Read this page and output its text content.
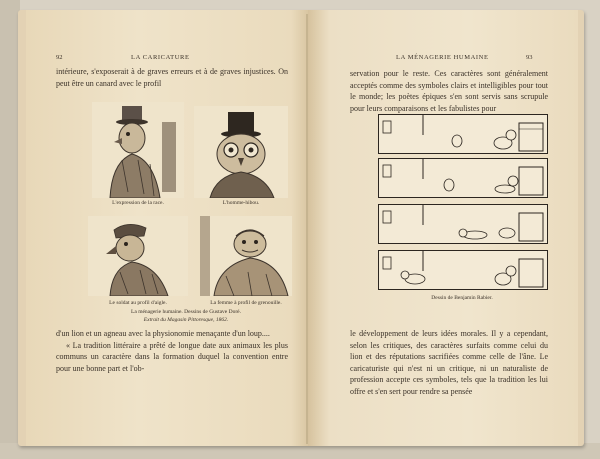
92	LA CARICATURE
intérieure, s'exposerait à de graves erreurs et à de graves injustices. On peut être un canard avec le profil
L'expression de la race.	L'homme-hibou.
Le soldat au profil d'aigle.	La femme à profil de grenouille.
La ménagerie humaine. Dessins de Gustave Doré.
Extrait du Magasin Pittoresque, 1862.

d'un lion et un agneau avec la physionomie menaçante d'un loup....

« La tradition littéraire a prêté de longue date aux animaux les plus communs un caractère dans la formation duquel la convention entre pour une bonne part et l'ob-

LA MÉNAGERIE HUMAINE	93
servation pour le reste. Ces caractères sont généralement acceptés comme des symboles clairs et intelligibles pour tout le monde; les poètes épiques s'en sont servis sans scrupule pour leurs comparaisons et les fabulistes pour
Dessin de Benjamin Rabier.
le développement de leurs idées morales. Il y a cependant, selon les critiques, des caractères surfaits comme celui du lion et des réputations sacrifiées comme celle de l'âne. Le caricaturiste qui n'est ni un critique, ni un naturaliste de profession accepte ces symboles, tels que la tradition les lui offre et s'en sert pour rendre sa pensée
